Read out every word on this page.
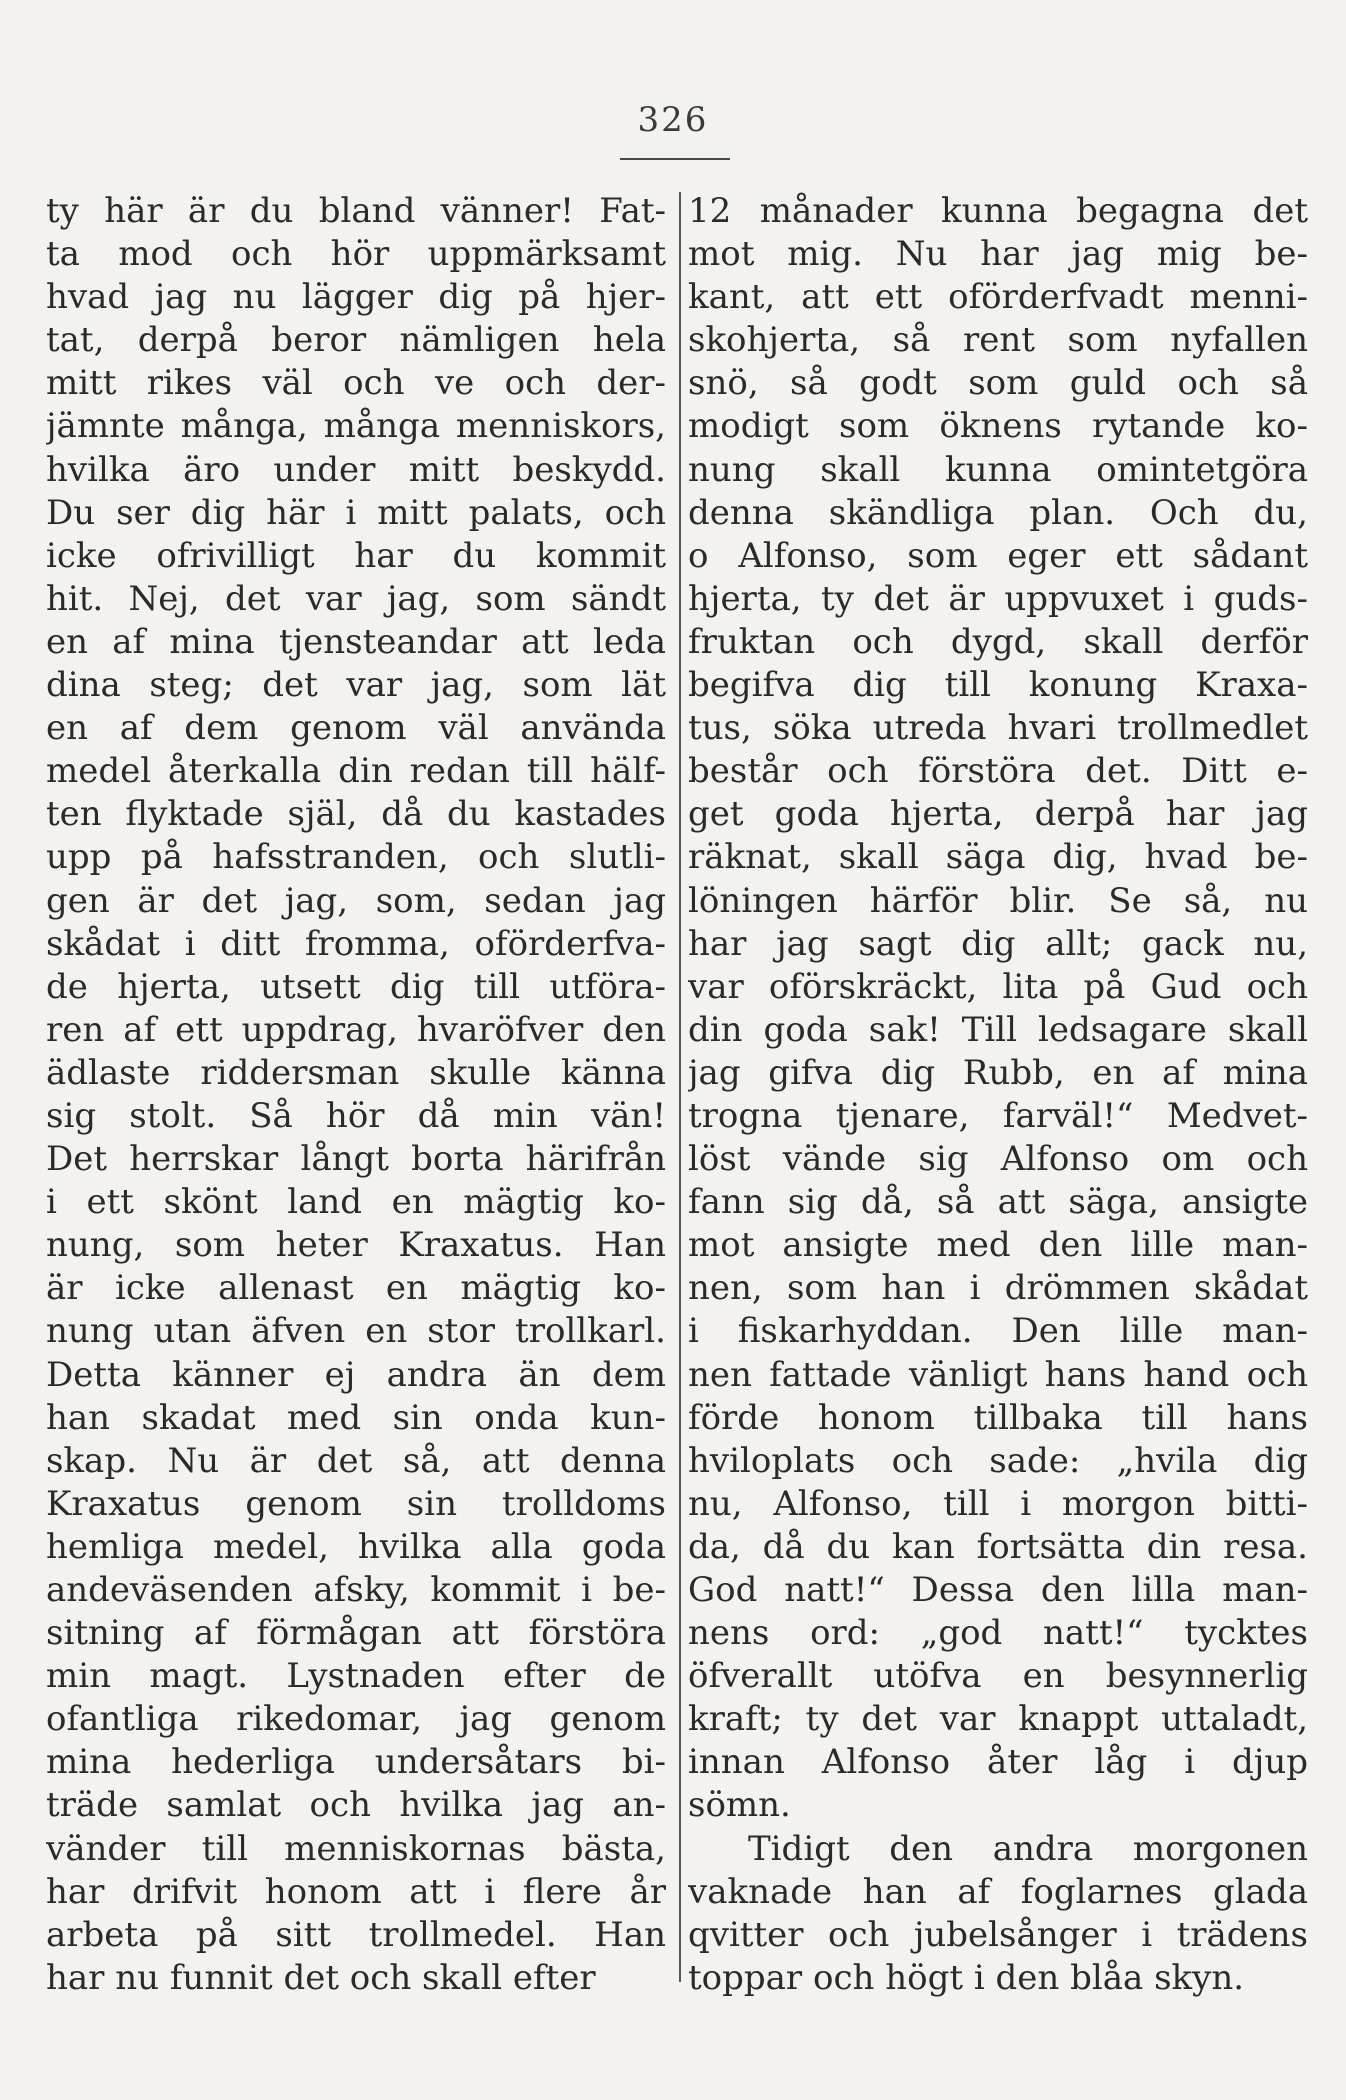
326
ty här är du bland vänner! Fat-
ta mod och hör uppmärksamt
hvad jag nu lägger dig på hjer-
tat, derpå beror nämligen hela
mitt rikes väl och ve och der-
jämnte många, många menniskors,
hvilka äro under mitt beskydd.
Du ser dig här i mitt palats, och
icke ofrivilligt har du kommit
hit. Nej, det var jag, som sändt
en af mina tjensteandar att leda
dina steg; det var jag, som lät
en af dem genom väl använda
medel återkalla din redan till hälf-
ten flyktade själ, då du kastades
upp på hafsstranden, och slutli-
gen är det jag, som, sedan jag
skådat i ditt fromma, oförderfva-
de hjerta, utsett dig till utföra-
ren af ett uppdrag, hvaröfver den
ädlaste riddersman skulle känna
sig stolt. Så hör då min vän!
Det herrskar långt borta härifrån
i ett skönt land en mägtig ko-
nung, som heter Kraxatus. Han
är icke allenast en mägtig ko-
nung utan äfven en stor trollkarl.
Detta känner ej andra än dem
han skadat med sin onda kun-
skap. Nu är det så, att denna
Kraxatus genom sin trolldoms
hemliga medel, hvilka alla goda
andeväsenden afsky, kommit i be-
sitning af förmågan att förstöra
min magt. Lystnaden efter de
ofantliga rikedomar, jag genom
mina hederliga undersåtars bi-
träde samlat och hvilka jag an-
vänder till menniskornas bästa,
har drifvit honom att i flere år
arbeta på sitt trollmedel. Han
har nu funnit det och skall efter
12 månader kunna begagna det
mot mig. Nu har jag mig be-
kant, att ett oförderfvadt menni-
skohjerta, så rent som nyfallen
snö, så godt som guld och så
modigt som öknens rytande ko-
nung skall kunna omintetgöra
denna skändliga plan. Och du,
o Alfonso, som eger ett sådant
hjerta, ty det är uppvuxet i guds-
fruktan och dygd, skall derför
begifva dig till konung Kraxa-
tus, söka utreda hvari trollmedlet
består och förstöra det. Ditt e-
get goda hjerta, derpå har jag
räknat, skall säga dig, hvad be-
löningen härför blir. Se så, nu
har jag sagt dig allt; gack nu,
var oförskräckt, lita på Gud och
din goda sak! Till ledsagare skall
jag gifva dig Rubb, en af mina
trogna tjenare, farväl!“ Medvet-
löst vände sig Alfonso om och
fann sig då, så att säga, ansigte
mot ansigte med den lille man-
nen, som han i drömmen skådat
i fiskarhyddan. Den lille man-
nen fattade vänligt hans hand och
förde honom tillbaka till hans
hviloplats och sade: „hvila dig
nu, Alfonso, till i morgon bitti-
da, då du kan fortsätta din resa.
God natt!“ Dessa den lilla man-
nens ord: „god natt!“ tycktes
öfverallt utöfva en besynnerlig
kraft; ty det var knappt uttaladt,
innan Alfonso åter låg i djup
sömn.
Tidigt den andra morgonen
vaknade han af foglarnes glada
qvitter och jubelsånger i trädens
toppar och högt i den blåa skyn.
